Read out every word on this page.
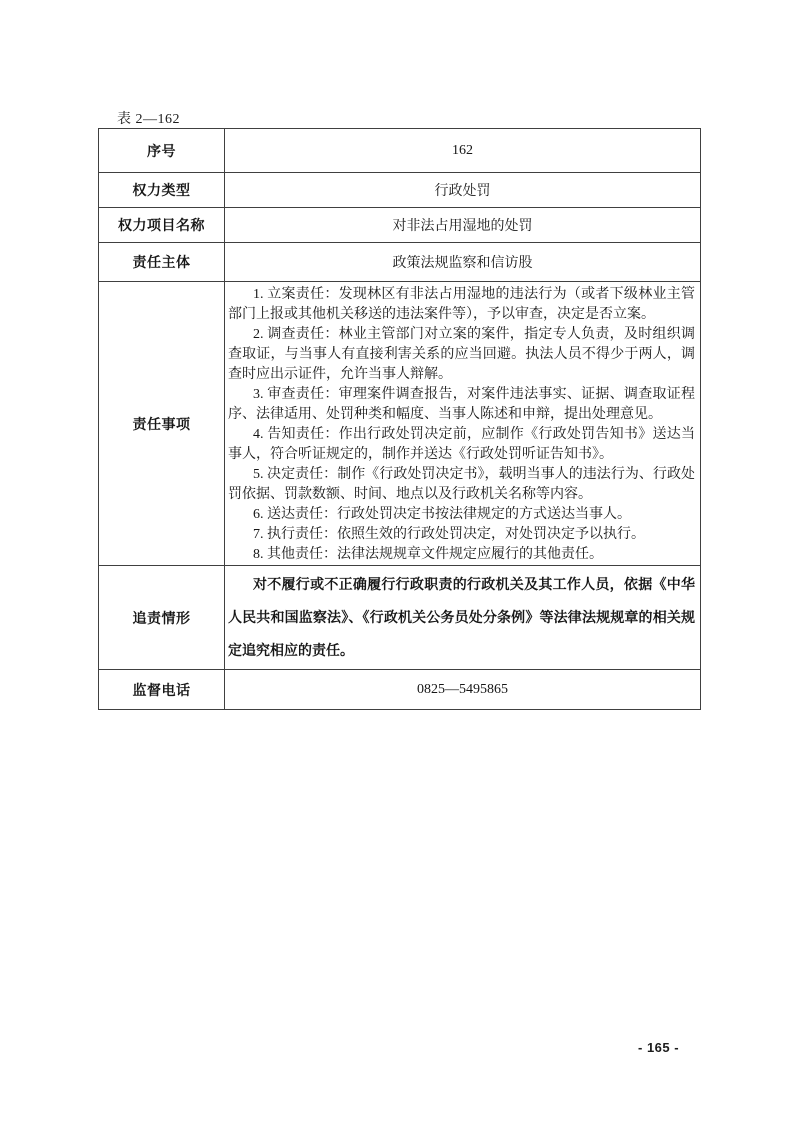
表 2—162
序号	162
权力类型	行政处罚
权力项目名称	对非法占用湿地的处罚
责任主体	政策法规监察和信访股
责任事项	

1. 立案责任：发现林区有非法占用湿地的违法行为（或者下级林业主管部门上报或其他机关移送的违法案件等），予以审查，决定是否立案。

2. 调查责任：林业主管部门对立案的案件，指定专人负责，及时组织调查取证，与当事人有直接利害关系的应当回避。执法人员不得少于两人，调查时应出示证件，允许当事人辩解。

3. 审查责任：审理案件调查报告，对案件违法事实、证据、调查取证程序、法律适用、处罚种类和幅度、当事人陈述和申辩，提出处理意见。

4. 告知责任：作出行政处罚决定前，应制作《行政处罚告知书》送达当事人，符合听证规定的，制作并送达《行政处罚听证告知书》。

5. 决定责任：制作《行政处罚决定书》，载明当事人的违法行为、行政处罚依据、罚款数额、时间、地点以及行政机关名称等内容。

6. 送达责任：行政处罚决定书按法律规定的方式送达当事人。

7. 执行责任：依照生效的行政处罚决定，对处罚决定予以执行。

8. 其他责任：法律法规规章文件规定应履行的其他责任。

追责情形	对不履行或不正确履行行政职责的行政机关及其工作人员，依据《中华人民共和国监察法》、《行政机关公务员处分条例》等法律法规规章的相关规定追究相应的责任。
监督电话	0825—5495865
- 165 -
